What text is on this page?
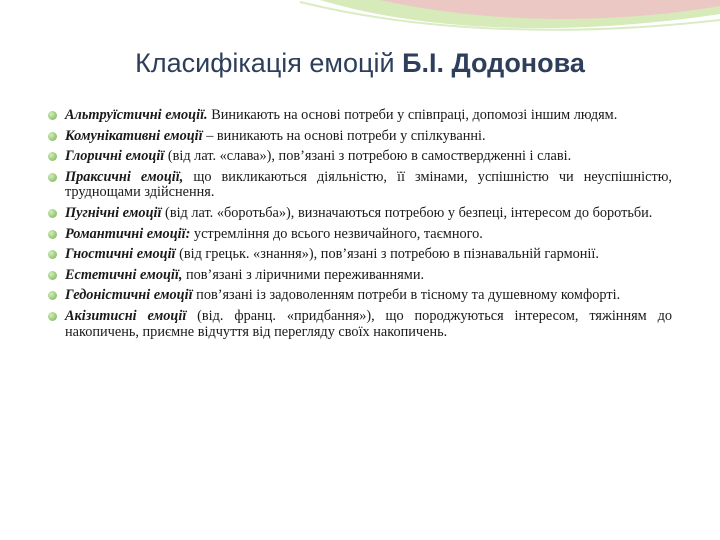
Класифікація емоцій Б.І. Додонова
Альтруїстичні емоції. Виникають на основі потреби у співпраці, допомозі іншим людям.
Комунікативні емоції – виникають на основі потреби у спілкуванні.
Глоричні емоції (від лат. «слава»), пов’язані з потребою в самоствердженні і славі.
Праксичні емоції, що викликаються діяльністю, її змінами, успішністю чи неуспішністю, труднощами здійснення.
Пугнічні емоції (від лат. «боротьба»), визначаються потребою у безпеці, інтересом до боротьби.
Романтичні емоції: устремління до всього незвичайного, таємного.
Гностичні емоції (від грецьк. «знання»), пов’язані з потребою в пізнавальній гармонії.
Естетичні емоції, пов’язані з ліричними переживаннями.
Гедоністичні емоції пов’язані із задоволенням потреби в тісному та душевному комфорті.
Акізитисні емоції (від. франц. «придбання»), що породжуються інтересом, тяжінням до накопичень, приємне відчуття від перегляду своїх накопичень.
